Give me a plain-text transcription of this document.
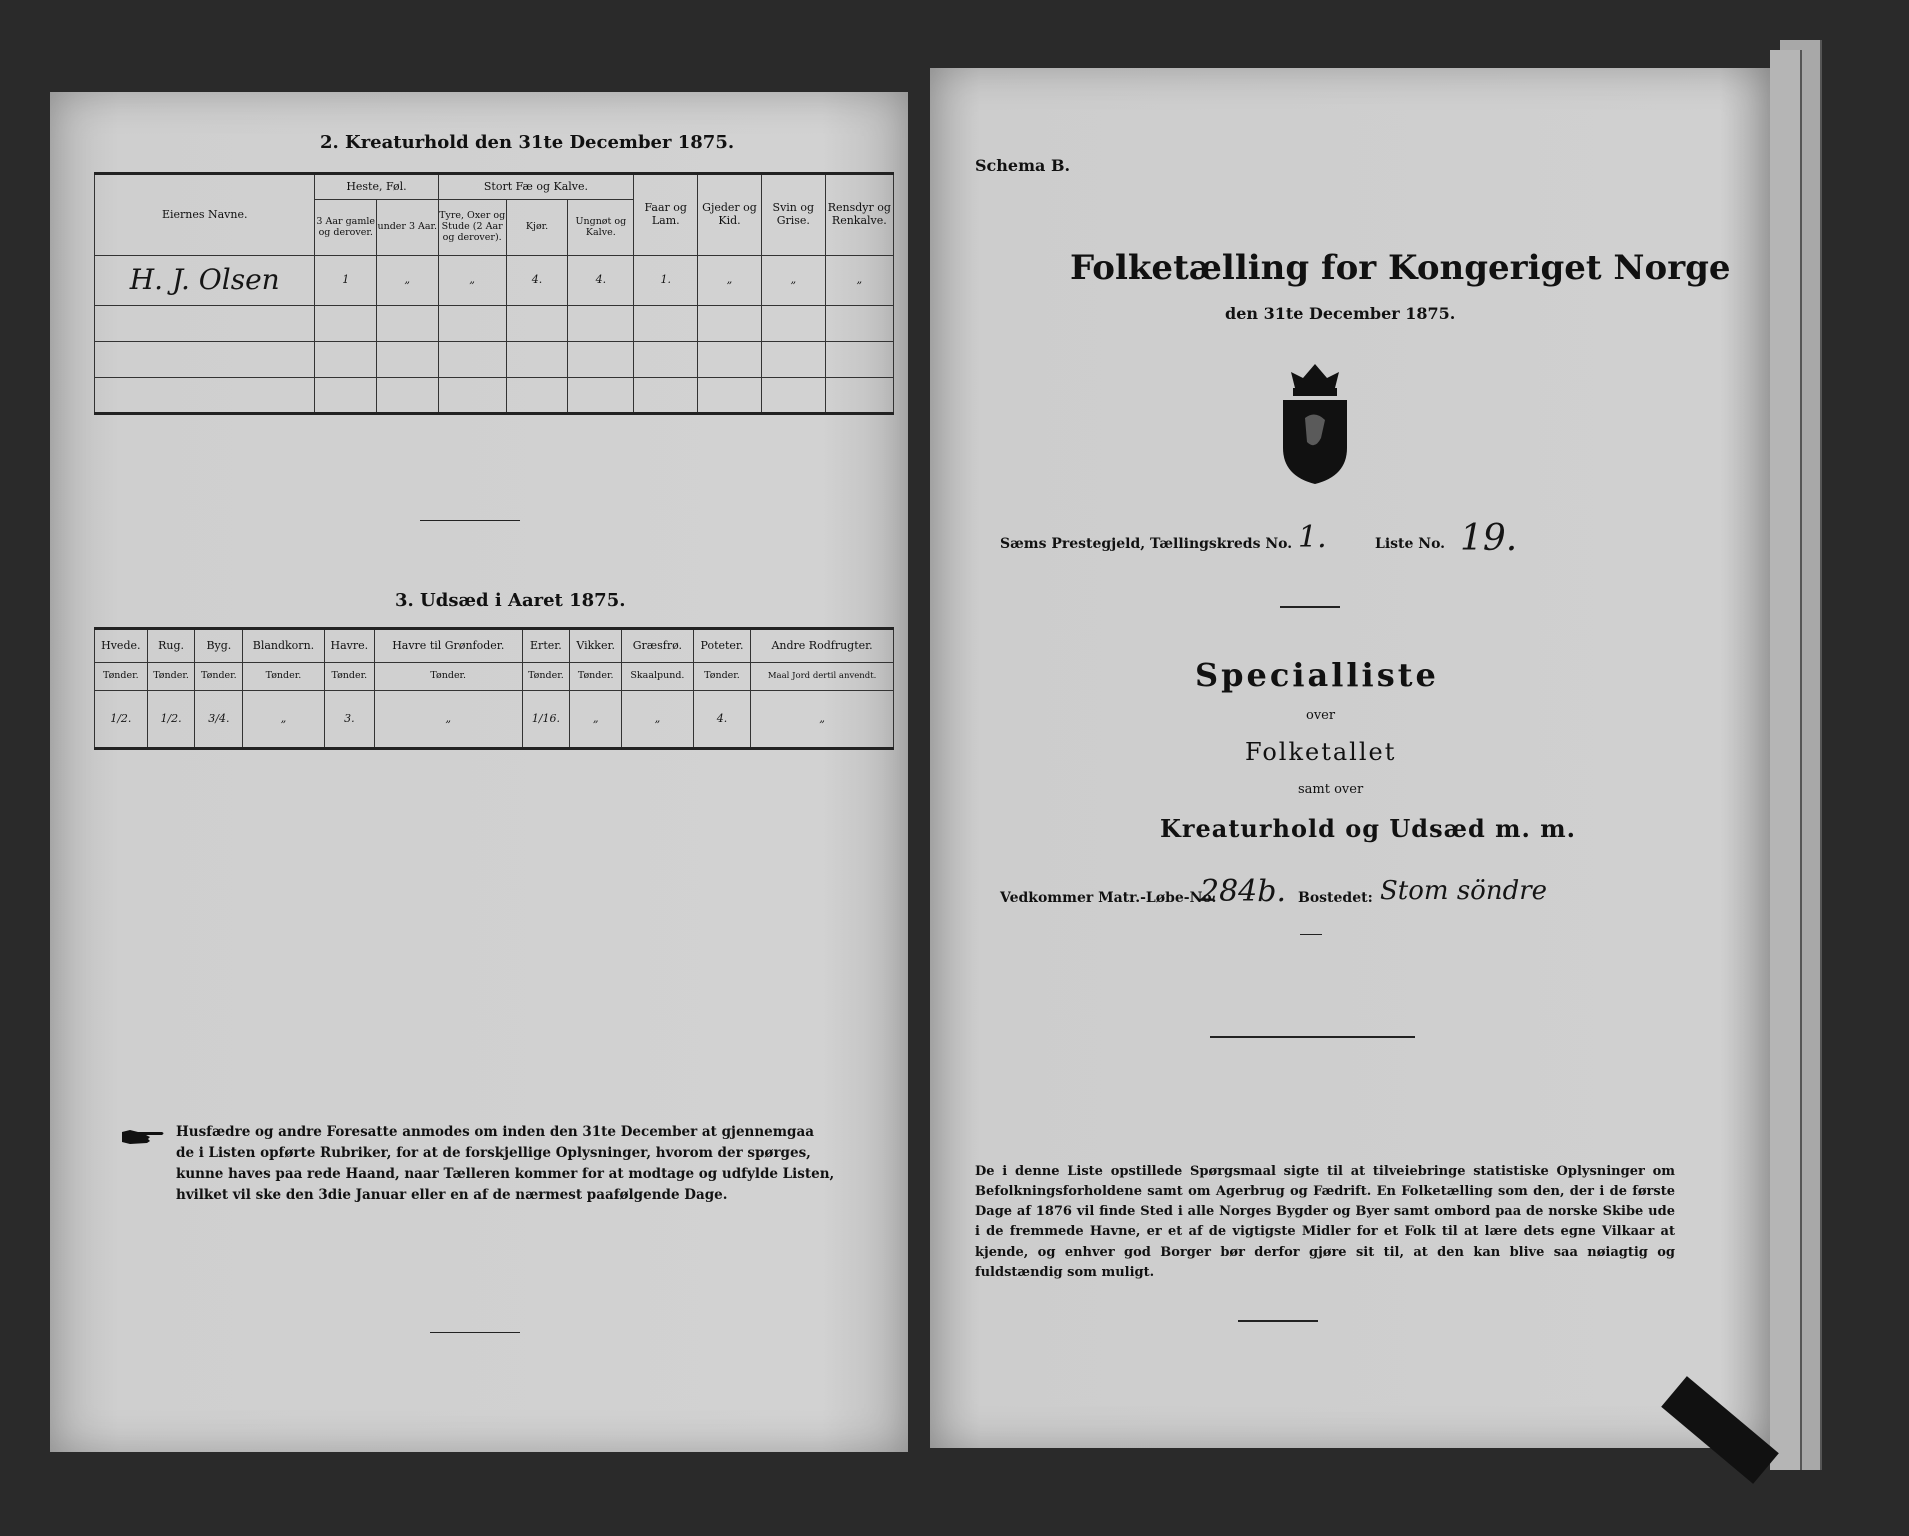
2. Kreaturhold den 31te December 1875.
Eiernes Navne.	Heste, Føl.		Stort Fæ og Kalve.			Faar og Lam.	Gjeder og Kid.	Svin og Grise.	Rensdyr og Renkalve.
	3 Aar gamle og derover.	under 3 Aar.	Tyre, Oxer og Stude (2 Aar og derover).	Kjør.	Ungnøt og Kalve.				
H. J. Olsen	1	„	„	4.	4.	1.	„	„	„

3. Udsæd i Aaret 1875.
Hvede.	Rug.	Byg.	Blandkorn.	Havre.	Havre til Grønfoder.	Erter.	Vikker.	Græsfrø.	Poteter.	Andre Rodfrugter.
Tønder.	Tønder.	Tønder.	Tønder.	Tønder.	Tønder.	Tønder.	Tønder.	Skaalpund.	Tønder.	Maal Jord dertil anvendt.
1/2.	1/2.	3/4.	„	3.	„	1/16.	„	„	4.	„
Husfædre og andre Foresatte anmodes om inden den 31te December at gjennemgaa de i Listen opførte Rubriker, for at de forskjellige Oplysninger, hvorom der spørges, kunne haves paa rede Haand, naar Tælleren kommer for at modtage og udfylde Listen, hvilket vil ske den 3die Januar eller en af de nærmest paafølgende Dage.
Schema B.
Folketælling for Kongeriget Norge
den 31te December 1875.
Sæms Prestegjeld, Tællingskreds No. 1.	Liste No. 19.
Specialliste
over
Folketallet
samt over
Kreaturhold og Udsæd m. m.
Vedkommer Matr.-Løbe-No.
284b. Bostedet: Stom söndre
De i denne Liste opstillede Spørgsmaal sigte til at tilveiebringe statistiske Oplysninger om Befolkningsforholdene samt om Agerbrug og Fædrift. En Folketælling som den, der i de første Dage af 1876 vil finde Sted i alle Norges Bygder og Byer samt ombord paa de norske Skibe ude i de fremmede Havne, er et af de vigtigste Midler for et Folk til at lære dets egne Vilkaar at kjende, og enhver god Borger bør derfor gjøre sit til, at den kan blive saa nøiagtig og fuldstændig som muligt.
